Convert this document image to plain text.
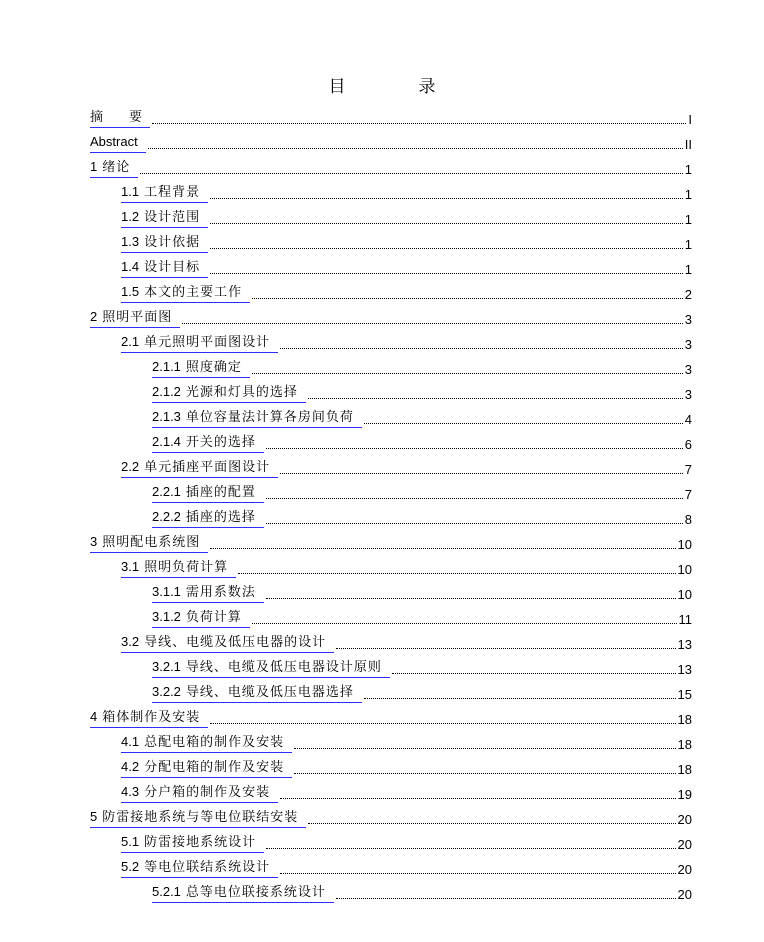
目　录
摘　　要	I
Abstract	II
1 绪论	1
1.1 工程背景	1
1.2 设计范围	1
1.3 设计依据	1
1.4 设计目标	1
1.5 本文的主要工作	2
2 照明平面图	3
2.1 单元照明平面图设计	3
2.1.1 照度确定	3
2.1.2 光源和灯具的选择	3
2.1.3 单位容量法计算各房间负荷	4
2.1.4 开关的选择	6
2.2 单元插座平面图设计	7
2.2.1 插座的配置	7
2.2.2 插座的选择	8
3 照明配电系统图	10
3.1 照明负荷计算	10
3.1.1 需用系数法	10
3.1.2 负荷计算	11
3.2 导线、电缆及低压电器的设计	13
3.2.1 导线、电缆及低压电器设计原则	13
3.2.2 导线、电缆及低压电器选择	15
4 箱体制作及安装	18
4.1 总配电箱的制作及安装	18
4.2 分配电箱的制作及安装	18
4.3 分户箱的制作及安装	19
5 防雷接地系统与等电位联结安装	20
5.1 防雷接地系统设计	20
5.2 等电位联结系统设计	20
5.2.1 总等电位联接系统设计	20
